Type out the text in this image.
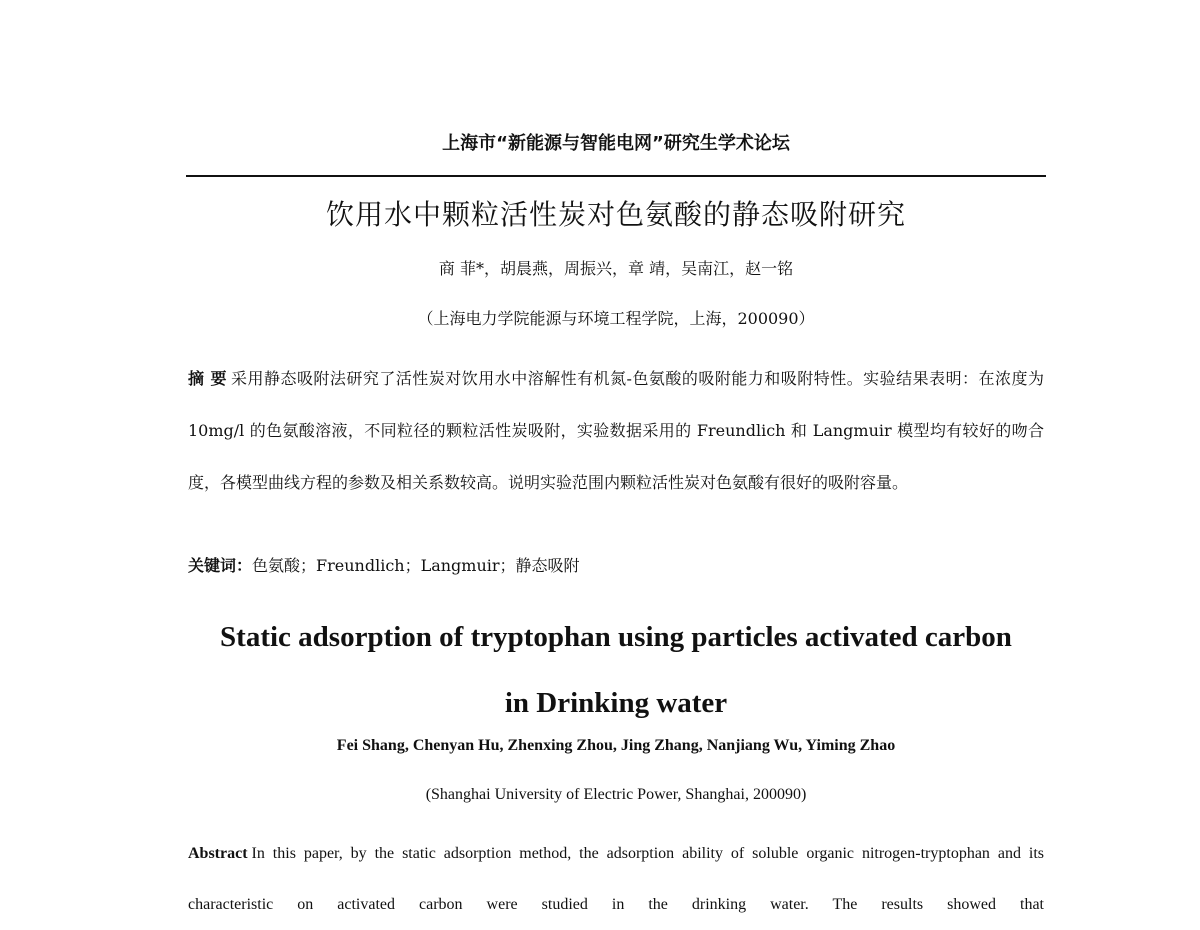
上海市“新能源与智能电网”研究生学术论坛
饮用水中颗粒活性炭对色氨酸的静态吸附研究
商 菲*，胡晨燕，周振兴，章 靖，吴南江，赵一铭
（上海电力学院能源与环境工程学院，上海，200090）

摘 要 采用静态吸附法研究了活性炭对饮用水中溶解性有机氮-色氨酸的吸附能力和吸附特性。实验结果表明：在浓度为 10mg/l 的色氨酸溶液，不同粒径的颗粒活性炭吸附，实验数据采用的 Freundlich 和 Langmuir 模型均有较好的吻合度，各模型曲线方程的参数及相关系数较高。说明实验范围内颗粒活性炭对色氨酸有很好的吸附容量。

关键词：色氨酸；Freundlich；Langmuir；静态吸附

Static adsorption of tryptophan using particles activated carbon
in Drinking water
Fei Shang, Chenyan Hu, Zhenxing Zhou, Jing Zhang, Nanjiang Wu, Yiming Zhao
(Shanghai University of Electric Power, Shanghai, 200090)

Abstract In this paper, by the static adsorption method, the adsorption ability of soluble organic nitrogen-tryptophan and its characteristic on activated carbon were studied in the drinking water. The results showed that
